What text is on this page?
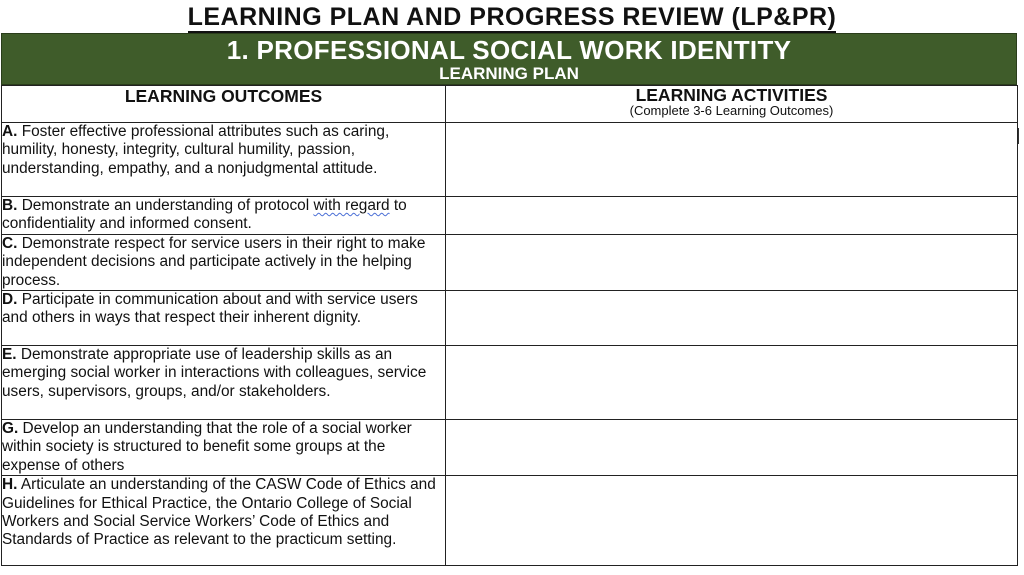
LEARNING PLAN AND PROGRESS REVIEW (LP&PR)
1. PROFESSIONAL SOCIAL WORK IDENTITY
LEARNING PLAN
LEARNING OUTCOMES	LEARNING ACTIVITIES
(Complete 3-6 Learning Outcomes)

A. Foster effective professional attributes such as caring, humility, honesty, integrity, cultural humility, passion, understanding, empathy, and a nonjudgmental attitude.	
B. Demonstrate an understanding of protocol with regard to confidentiality and informed consent.	
C. Demonstrate respect for service users in their right to make independent decisions and participate actively in the helping process.	
D. Participate in communication about and with service users and others in ways that respect their inherent dignity.	
E. Demonstrate appropriate use of leadership skills as an emerging social worker in interactions with colleagues, service users, supervisors, groups, and/or stakeholders.	
G. Develop an understanding that the role of a social worker within society is structured to benefit some groups at the expense of others	
H. Articulate an understanding of the CASW Code of Ethics and Guidelines for Ethical Practice, the Ontario College of Social Workers and Social Service Workers’ Code of Ethics and Standards of Practice as relevant to the practicum setting.	
